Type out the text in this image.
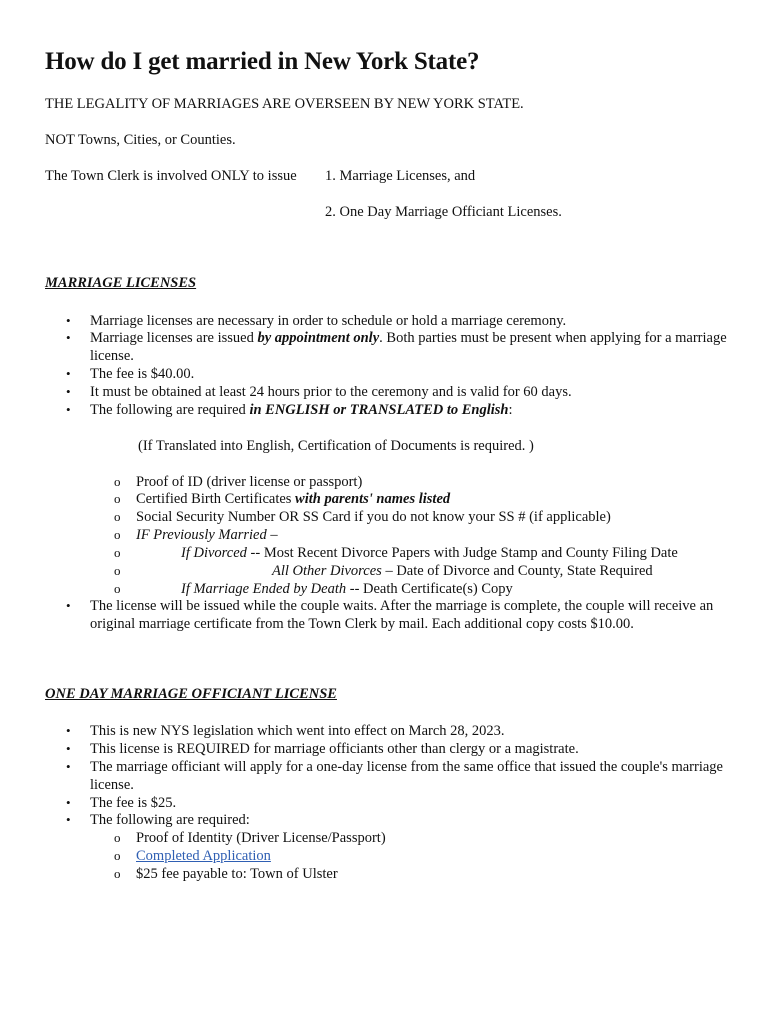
How do I get married in New York State?
THE LEGALITY OF MARRIAGES ARE OVERSEEN BY NEW YORK STATE.
NOT Towns, Cities, or Counties.
The Town Clerk is involved ONLY to issue 1. Marriage Licenses, and
2. One Day Marriage Officiant Licenses.
MARRIAGE LICENSES
• Marriage licenses are necessary in order to schedule or hold a marriage ceremony.
• Marriage licenses are issued by appointment only. Both parties must be present when applying for a marriage license.
• The fee is $40.00.
• It must be obtained at least 24 hours prior to the ceremony and is valid for 60 days.
• The following are required in ENGLISH or TRANSLATED to English:
(If Translated into English, Certification of Documents is required. )
o Proof of ID (driver license or passport)
o Certified Birth Certificates with parents' names listed
o Social Security Number OR SS Card if you do not know your SS # (if applicable)
o IF Previously Married –
o If Divorced -- Most Recent Divorce Papers with Judge Stamp and County Filing Date
o All Other Divorces – Date of Divorce and County, State Required
o If Marriage Ended by Death -- Death Certificate(s) Copy
• The license will be issued while the couple waits. After the marriage is complete, the couple will receive an original marriage certificate from the Town Clerk by mail. Each additional copy costs $10.00.
ONE DAY MARRIAGE OFFICIANT LICENSE
• This is new NYS legislation which went into effect on March 28, 2023.
• This license is REQUIRED for marriage officiants other than clergy or a magistrate.
• The marriage officiant will apply for a one-day license from the same office that issued the couple's marriage license.
• The fee is $25.
• The following are required:
o Proof of Identity (Driver License/Passport)
o Completed Application
o $25 fee payable to: Town of Ulster
